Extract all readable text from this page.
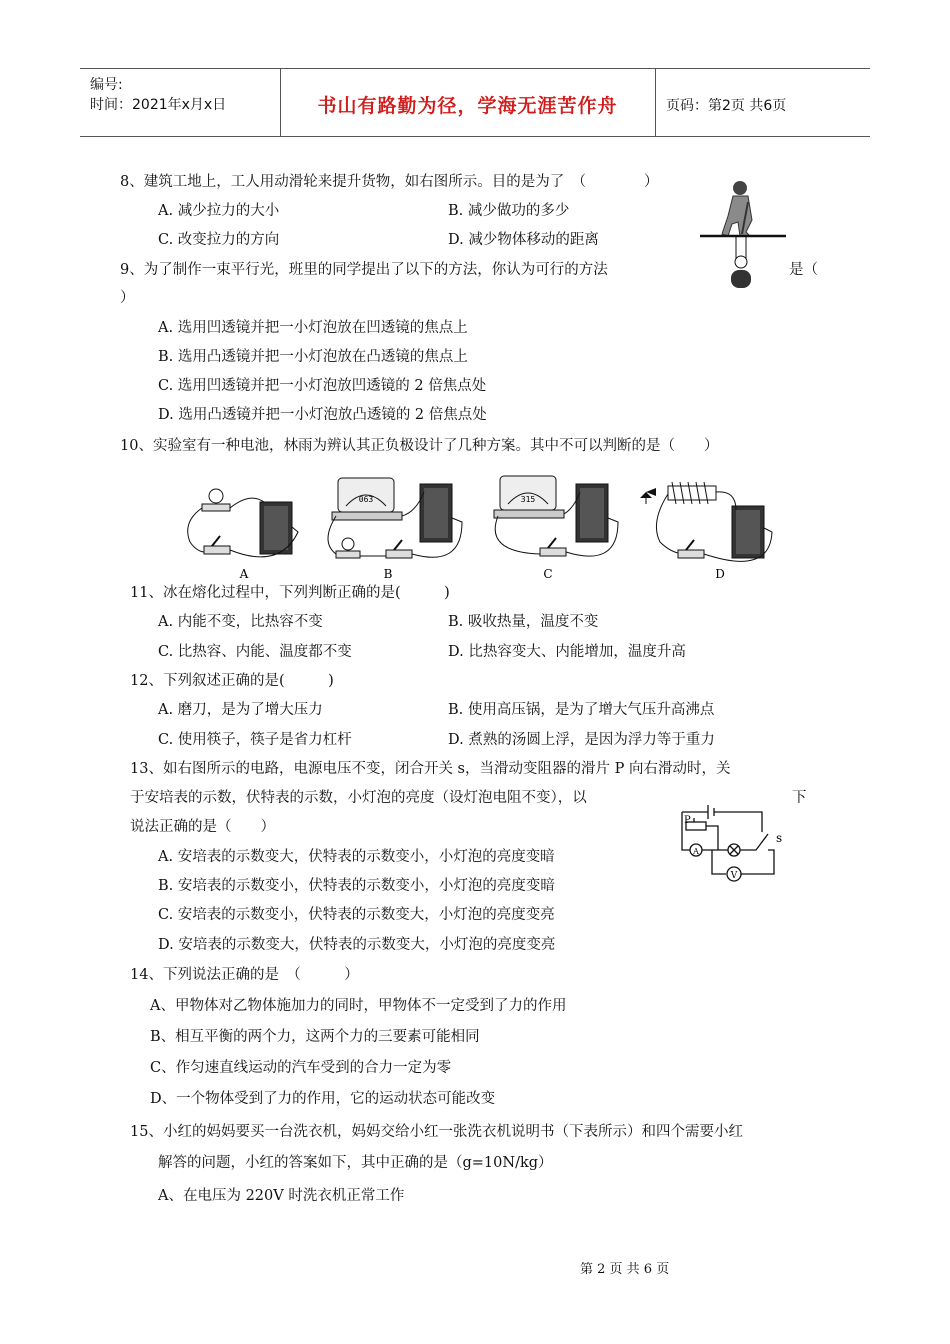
编号:
时间：2021年x月x日	书山有路勤为径，学海无涯苦作舟	页码：第2页 共6页
8、建筑工地上，工人用动滑轮来提升货物，如右图所示。目的是为了　（　　　　）
A. 减少拉力的大小	B. 减少做功的多少
C. 改变拉力的方向	D. 减少物体移动的距离
9、为了制作一束平行光，班里的同学提出了以下的方法，你认为可行的方法	是（
）
A. 选用凹透镜并把一小灯泡放在凹透镜的焦点上
B. 选用凸透镜并把一小灯泡放在凸透镜的焦点上
C. 选用凹透镜并把一小灯泡放凹透镜的 2 倍焦点处
D. 选用凸透镜并把一小灯泡放凸透镜的 2 倍焦点处
10、实验室有一种电池，林雨为辨认其正负极设计了几种方案。其中不可以判断的是（　　）
063	315
A	B	C	D
11、冰在熔化过程中，下列判断正确的是(　　　)
A. 内能不变，比热容不变	B. 吸收热量，温度不变
C. 比热容、内能、温度都不变	D. 比热容变大、内能增加，温度升高
12、下列叙述正确的是(　　　)
A. 磨刀，是为了增大压力	B. 使用高压锅，是为了增大气压升高沸点
C. 使用筷子，筷子是省力杠杆	D. 煮熟的汤圆上浮，是因为浮力等于重力
13、如右图所示的电路，电源电压不变，闭合开关 s，当滑动变阻器的滑片 P 向右滑动时，关
于安培表的示数，伏特表的示数，小灯泡的亮度（设灯泡电阻不变），以	下
说法正确的是（　　）
A. 安培表的示数变大，伏特表的示数变小，小灯泡的亮度变暗
B. 安培表的示数变小，伏特表的示数变小，小灯泡的亮度变暗
C. 安培表的示数变小，伏特表的示数变大，小灯泡的亮度变亮
D. 安培表的示数变大，伏特表的示数变大，小灯泡的亮度变亮
P
A
V
s
14、下列说法正确的是　（　　　）
A、甲物体对乙物体施加力的同时，甲物体不一定受到了力的作用
B、相互平衡的两个力，这两个力的三要素可能相同
C、作匀速直线运动的汽车受到的合力一定为零
D、一个物体受到了力的作用，它的运动状态可能改变
15、小红的妈妈要买一台洗衣机，妈妈交给小红一张洗衣机说明书（下表所示）和四个需要小红
解答的问题，小红的答案如下，其中正确的是（g=10N/kg）
A、在电压为 220V 时洗衣机正常工作
第 2 页 共 6 页
